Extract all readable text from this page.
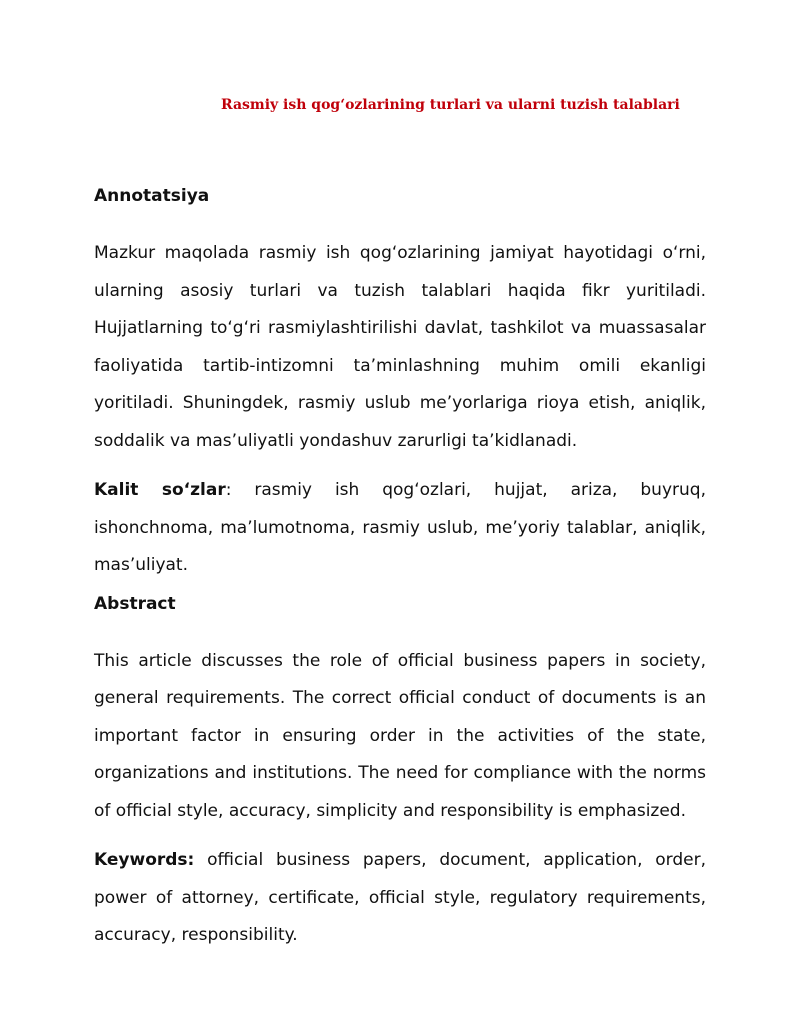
Rasmiy ish qog‘ozlarining turlari va ularni tuzish talablari
Annotatsiya

Mazkur maqolada rasmiy ish qog‘ozlarining jamiyat hayotidagi o‘rni, ularning asosiy turlari va tuzish talablari haqida fikr yuritiladi. Hujjatlarning to‘g‘ri rasmiylashtirilishi davlat, tashkilot va muassasalar faoliyatida tartib-intizomni ta’minlashning muhim omili ekanligi yoritiladi. Shuningdek, rasmiy uslub me’yorlariga rioya etish, aniqlik, soddalik va mas’uliyatli yondashuv zarurligi ta’kidlanadi.

Kalit so‘zlar: rasmiy ish qog‘ozlari, hujjat, ariza, buyruq, ishonchnoma, ma’lumotnoma, rasmiy uslub, me’yoriy talablar, aniqlik, mas’uliyat.

Abstract

This article discusses the role of official business papers in society, general requirements. The correct official conduct of documents is an important factor in ensuring order in the activities of the state, organizations and institutions. The need for compliance with the norms of official style, accuracy, simplicity and responsibility is emphasized.

Keywords: official business papers, document, application, order, power of attorney, certificate, official style, regulatory requirements, accuracy, responsibility.
